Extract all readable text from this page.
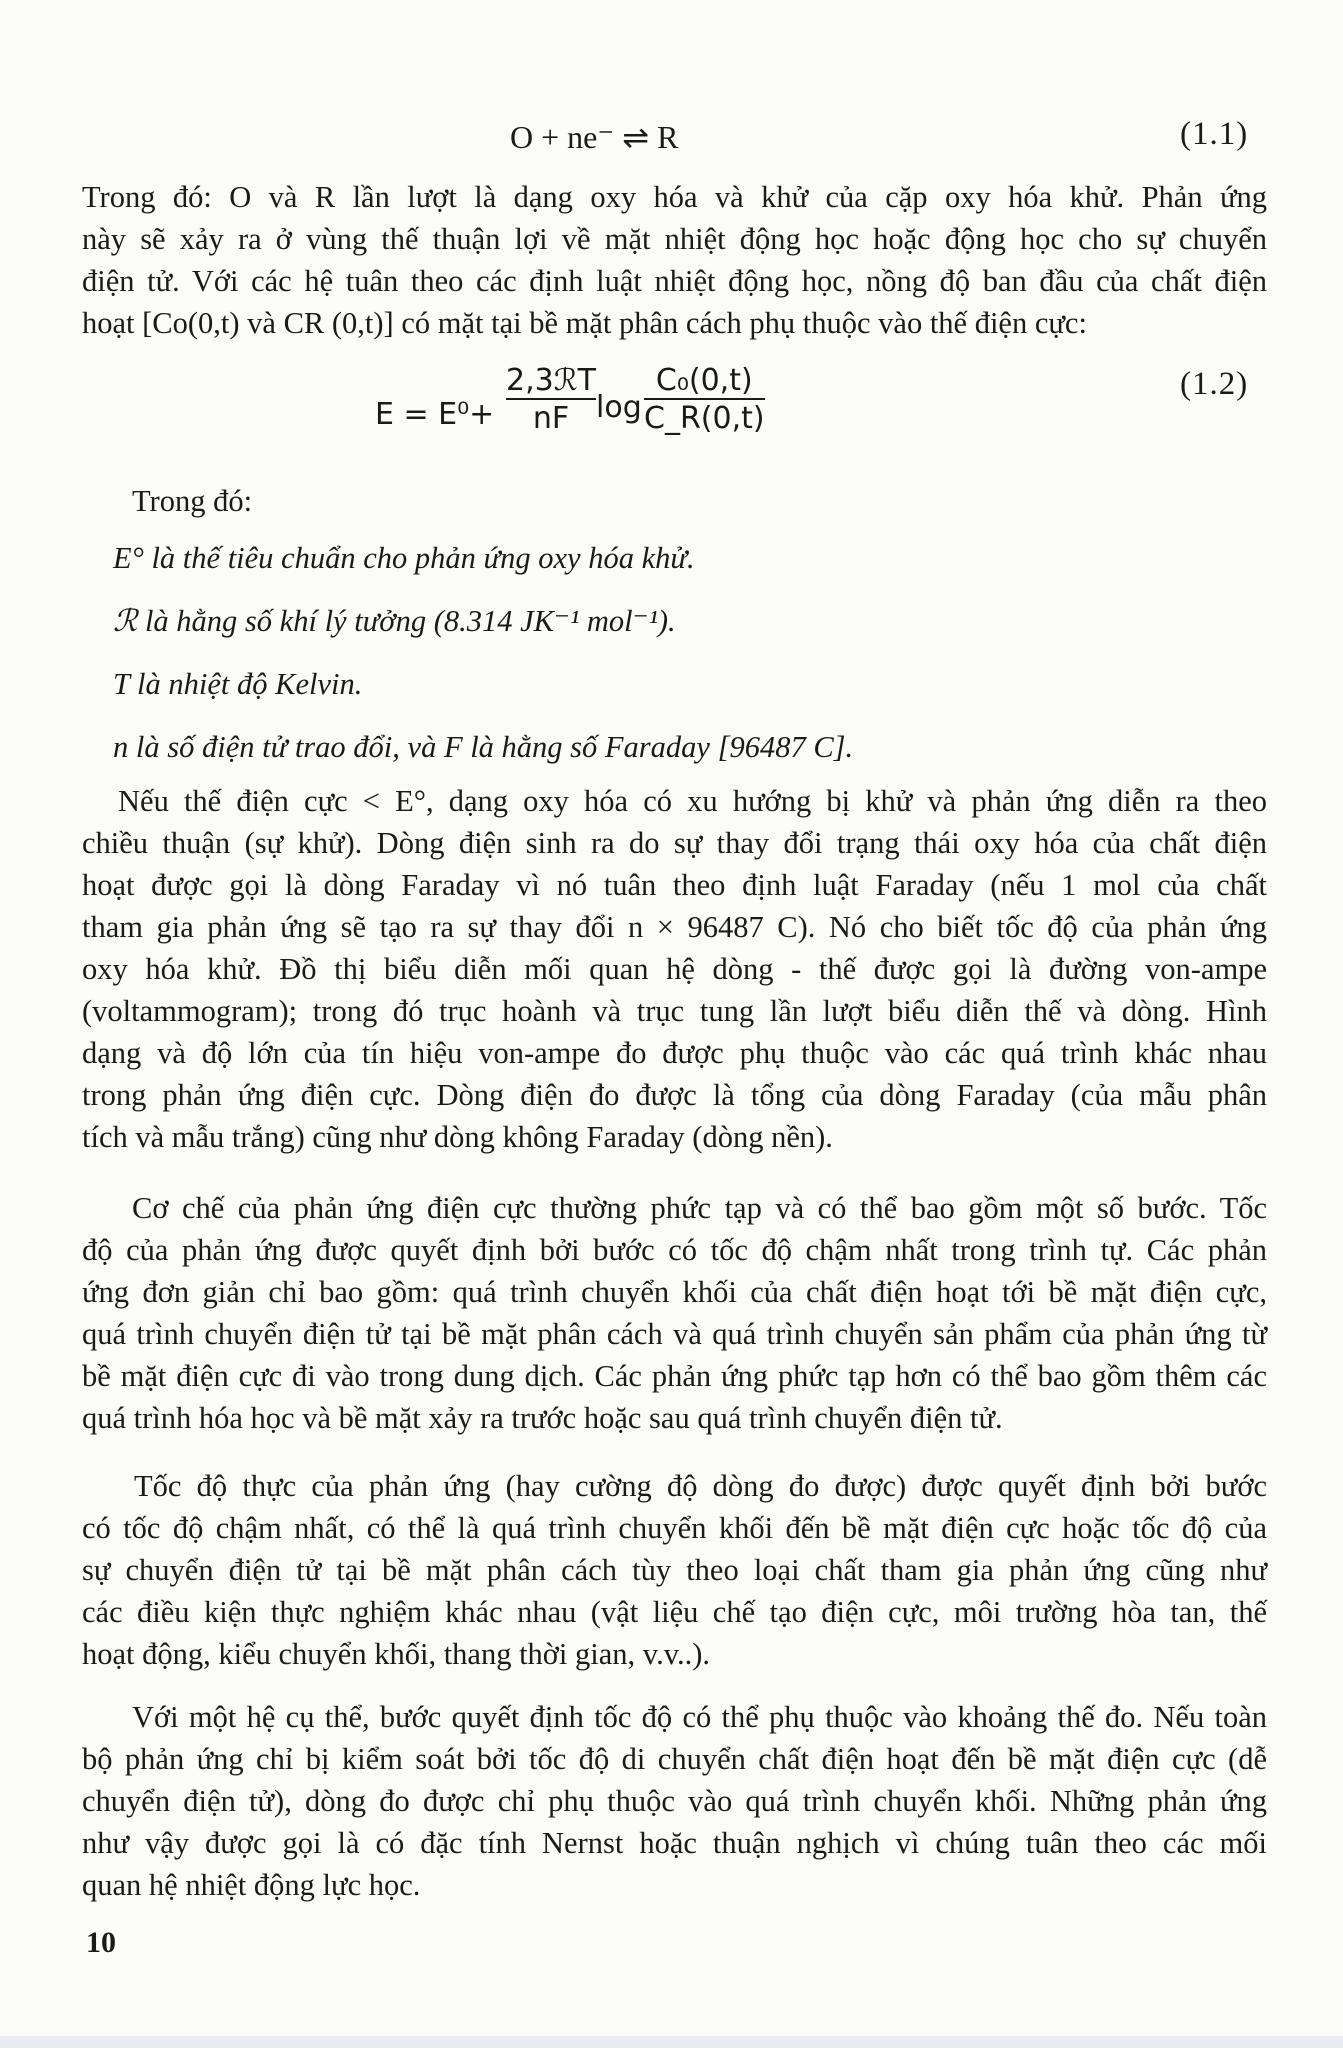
O + ne⁻ ⇌ R	(1.1)
Trong đó: O và R lần lượt là dạng oxy hóa và khử của cặp oxy hóa khử. Phản ứng
này sẽ xảy ra ở vùng thế thuận lợi về mặt nhiệt động học hoặc động học cho sự chuyển
điện tử. Với các hệ tuân theo các định luật nhiệt động học, nồng độ ban đầu của chất điện
hoạt [Co(0,t) và CR (0,t)] có mặt tại bề mặt phân cách phụ thuộc vào thế điện cực:
E = E⁰+
2,3ℛT
nF log
C₀(0,t)
C_R(0,t)
(1.2)
Trong đó:
E° là thế tiêu chuẩn cho phản ứng oxy hóa khử.
ℛ là hằng số khí lý tưởng (8.314 JK⁻¹ mol⁻¹).
T là nhiệt độ Kelvin.
n là số điện tử trao đổi, và F là hằng số Faraday [96487 C].
Nếu thế điện cực < E°, dạng oxy hóa có xu hướng bị khử và phản ứng diễn ra theo
chiều thuận (sự khử). Dòng điện sinh ra do sự thay đổi trạng thái oxy hóa của chất điện
hoạt được gọi là dòng Faraday vì nó tuân theo định luật Faraday (nếu 1 mol của chất
tham gia phản ứng sẽ tạo ra sự thay đổi n × 96487 C). Nó cho biết tốc độ của phản ứng
oxy hóa khử. Đồ thị biểu diễn mối quan hệ dòng - thế được gọi là đường von-ampe
(voltammogram); trong đó trục hoành và trục tung lần lượt biểu diễn thế và dòng. Hình
dạng và độ lớn của tín hiệu von-ampe đo được phụ thuộc vào các quá trình khác nhau
trong phản ứng điện cực. Dòng điện đo được là tổng của dòng Faraday (của mẫu phân
tích và mẫu trắng) cũng như dòng không Faraday (dòng nền).
Cơ chế của phản ứng điện cực thường phức tạp và có thể bao gồm một số bước. Tốc
độ của phản ứng được quyết định bởi bước có tốc độ chậm nhất trong trình tự. Các phản
ứng đơn giản chỉ bao gồm: quá trình chuyển khối của chất điện hoạt tới bề mặt điện cực,
quá trình chuyển điện tử tại bề mặt phân cách và quá trình chuyển sản phẩm của phản ứng từ
bề mặt điện cực đi vào trong dung dịch. Các phản ứng phức tạp hơn có thể bao gồm thêm các
quá trình hóa học và bề mặt xảy ra trước hoặc sau quá trình chuyển điện tử.
Tốc độ thực của phản ứng (hay cường độ dòng đo được) được quyết định bởi bước
có tốc độ chậm nhất, có thể là quá trình chuyển khối đến bề mặt điện cực hoặc tốc độ của
sự chuyển điện tử tại bề mặt phân cách tùy theo loại chất tham gia phản ứng cũng như
các điều kiện thực nghiệm khác nhau (vật liệu chế tạo điện cực, môi trường hòa tan, thế
hoạt động, kiểu chuyển khối, thang thời gian, v.v..).
Với một hệ cụ thể, bước quyết định tốc độ có thể phụ thuộc vào khoảng thế đo. Nếu toàn
bộ phản ứng chỉ bị kiểm soát bởi tốc độ di chuyển chất điện hoạt đến bề mặt điện cực (dễ
chuyển điện tử), dòng đo được chỉ phụ thuộc vào quá trình chuyển khối. Những phản ứng
như vậy được gọi là có đặc tính Nernst hoặc thuận nghịch vì chúng tuân theo các mối
quan hệ nhiệt động lực học.
10
